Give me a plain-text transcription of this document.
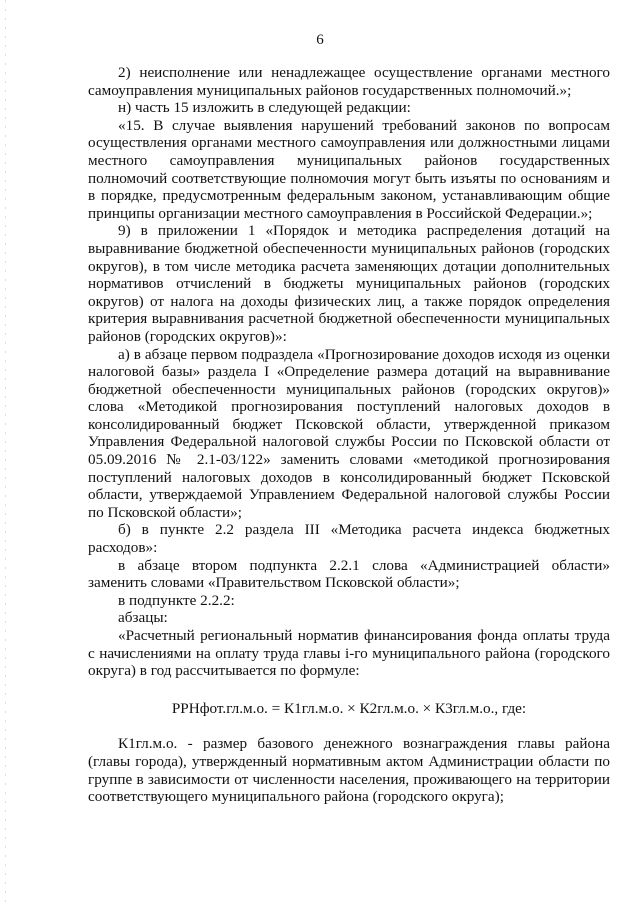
6

2) неисполнение или ненадлежащее осуществление органами местного самоуправления муниципальных районов государственных полномочий.»;

н) часть 15 изложить в следующей редакции:

«15. В случае выявления нарушений требований законов по вопросам осуществления органами местного самоуправления или должностными лицами местного самоуправления муниципальных районов государственных полномочий соответствующие полномочия могут быть изъяты по основаниям и в порядке, предусмотренным федеральным законом, устанавливающим общие принципы организации местного самоуправления в Российской Федерации.»;

9) в приложении 1 «Порядок и методика распределения дотаций на выравнивание бюджетной обеспеченности муниципальных районов (городских округов), в том числе методика расчета заменяющих дотации дополнительных нормативов отчислений в бюджеты муниципальных районов (городских округов) от налога на доходы физических лиц, а также порядок определения критерия выравнивания расчетной бюджетной обеспеченности муниципальных районов (городских округов)»:

а) в абзаце первом подраздела «Прогнозирование доходов исходя из оценки налоговой базы» раздела I «Определение размера дотаций на выравнивание бюджетной обеспеченности муниципальных районов (городских округов)» слова «Методикой прогнозирования поступлений налоговых доходов в консолидированный бюджет Псковской области, утвержденной приказом Управления Федеральной налоговой службы России по Псковской области от 05.09.2016 № 2.1-03/122» заменить словами «методикой прогнозирования поступлений налоговых доходов в консолидированный бюджет Псковской области, утверждаемой Управлением Федеральной налоговой службы России по Псковской области»;

б) в пункте 2.2 раздела III «Методика расчета индекса бюджетных расходов»:

в абзаце втором подпункта 2.2.1 слова «Администрацией области» заменить словами «Правительством Псковской области»;

в подпункте 2.2.2:

абзацы:

«Расчетный региональный норматив финансирования фонда оплаты труда с начислениями на оплату труда главы i-го муниципального района (городского округа) в год рассчитывается по формуле:

РРНфот.гл.м.о. = К1гл.м.о. × К2гл.м.о. × К3гл.м.о., где:

К1гл.м.о. - размер базового денежного вознаграждения главы района (главы города), утвержденный нормативным актом Администрации области по группе в зависимости от численности населения, проживающего на территории соответствующего муниципального района (городского округа);
